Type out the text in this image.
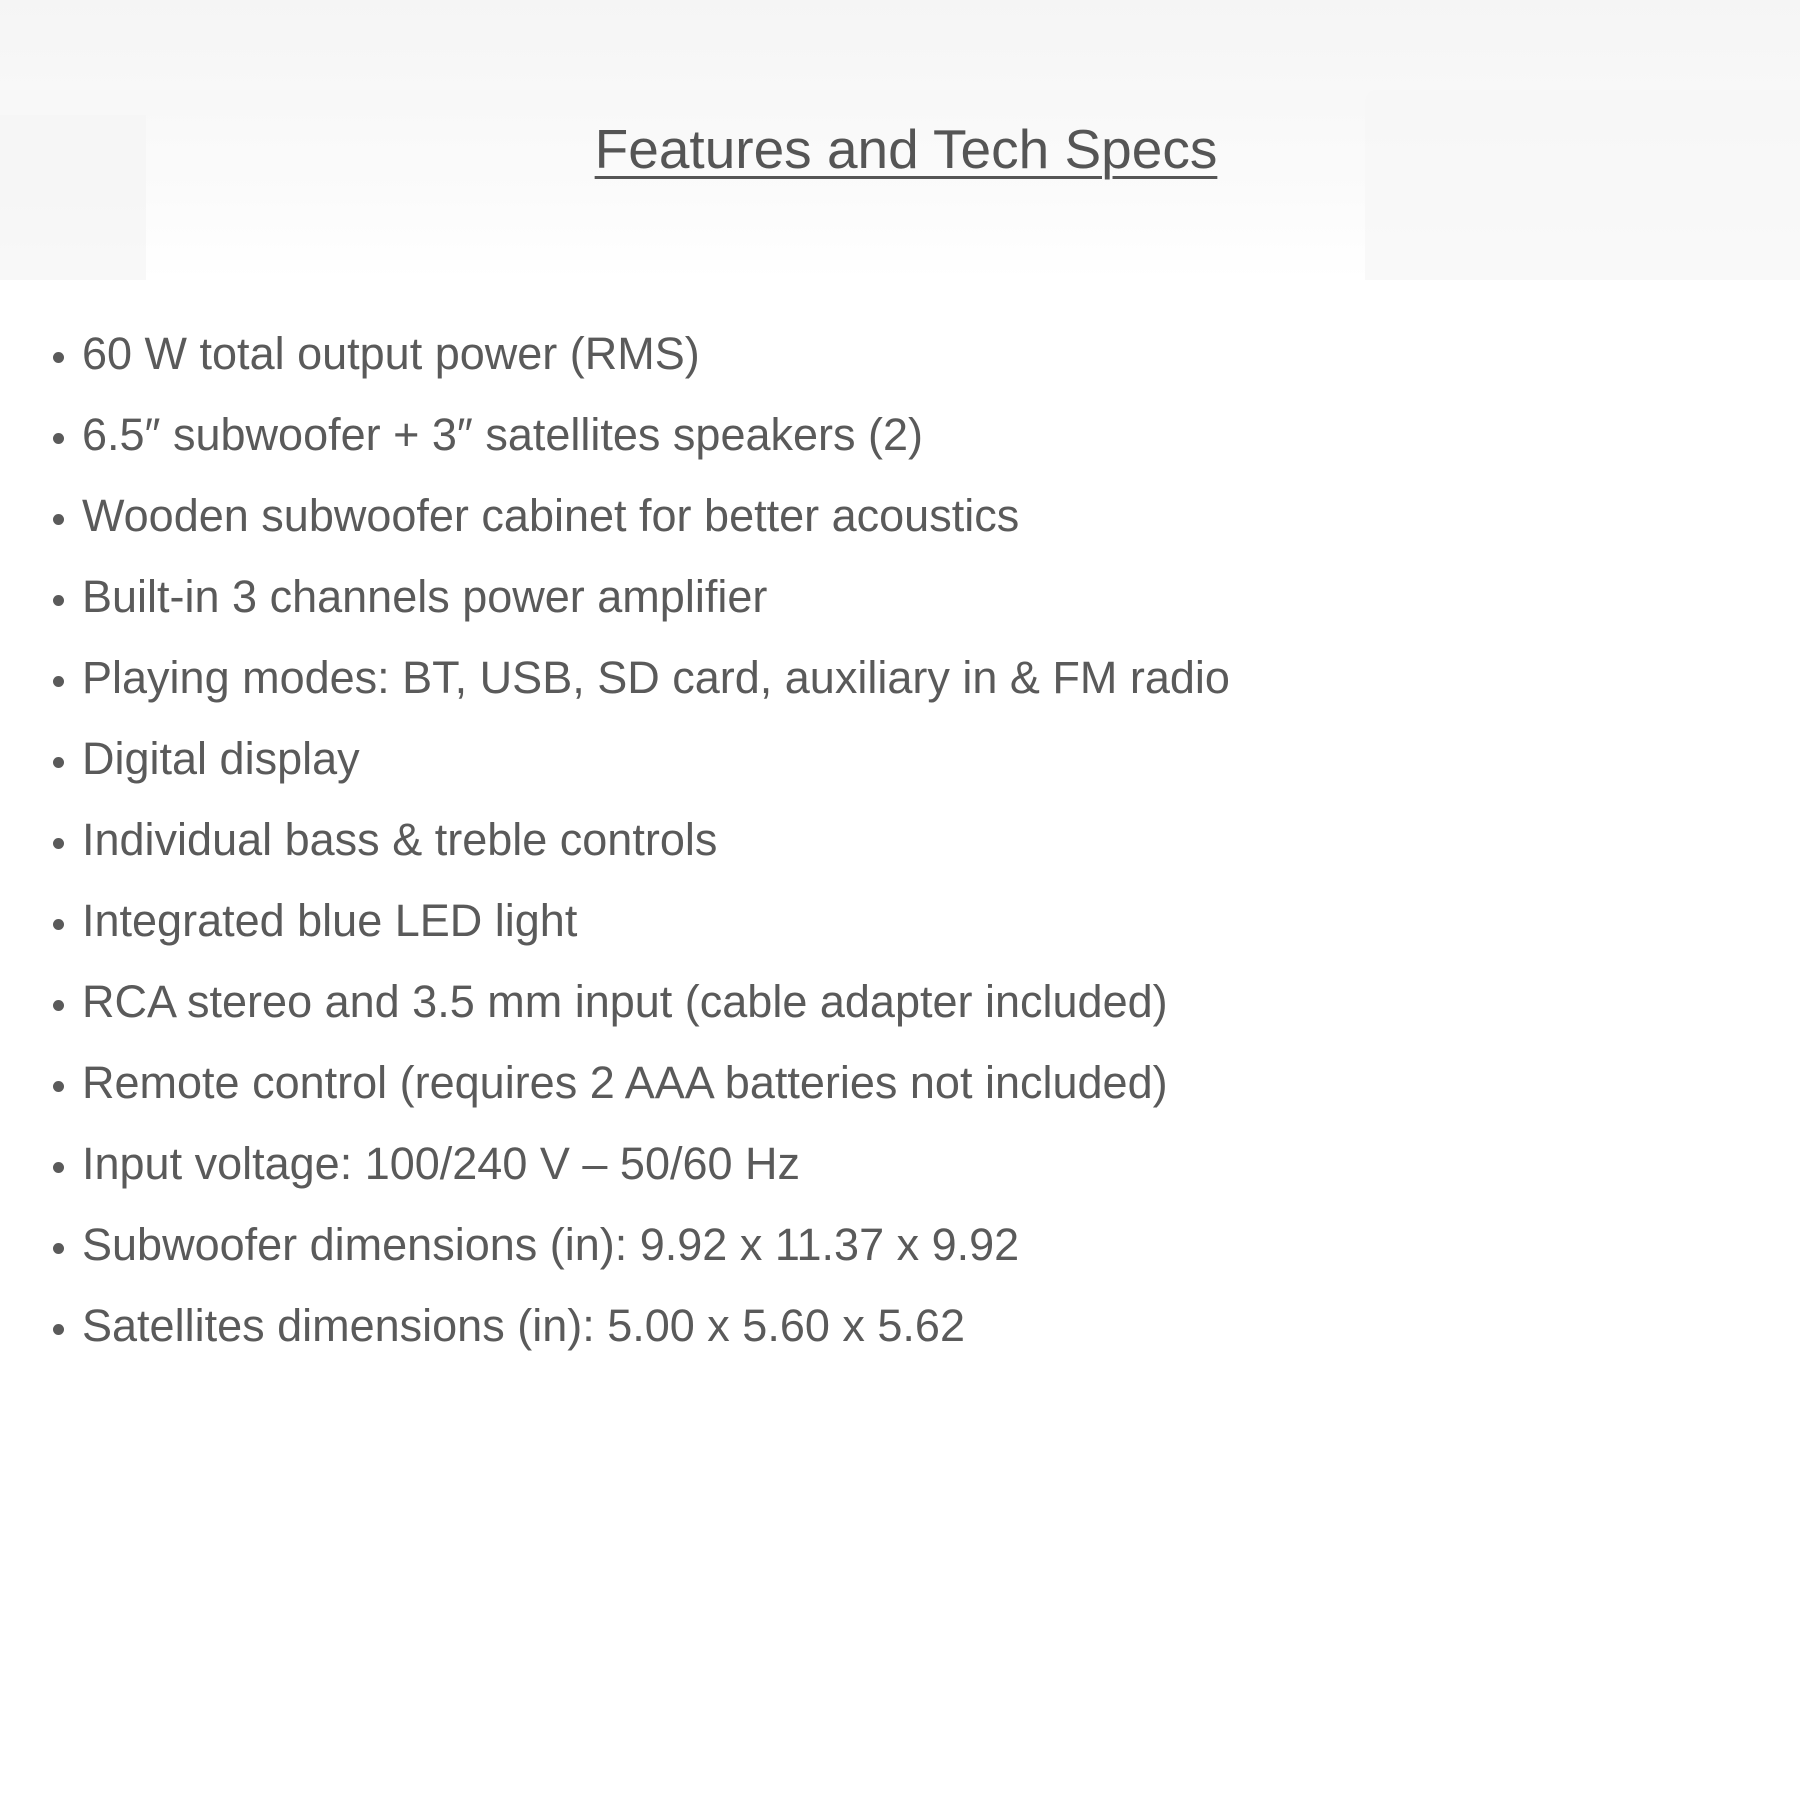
Features and Tech Specs
• 60 W total output power (RMS)
• 6.5″ subwoofer + 3″ satellites speakers (2)
• Wooden subwoofer cabinet for better acoustics
• Built-in 3 channels power amplifier
• Playing modes: BT, USB, SD card, auxiliary in & FM radio
• Digital display
• Individual bass & treble controls
• Integrated blue LED light
• RCA stereo and 3.5 mm input (cable adapter included)
• Remote control (requires 2 AAA batteries not included)
• Input voltage: 100/240 V – 50/60 Hz
• Subwoofer dimensions (in): 9.92 x 11.37 x 9.92
• Satellites dimensions (in): 5.00 x 5.60 x 5.62
